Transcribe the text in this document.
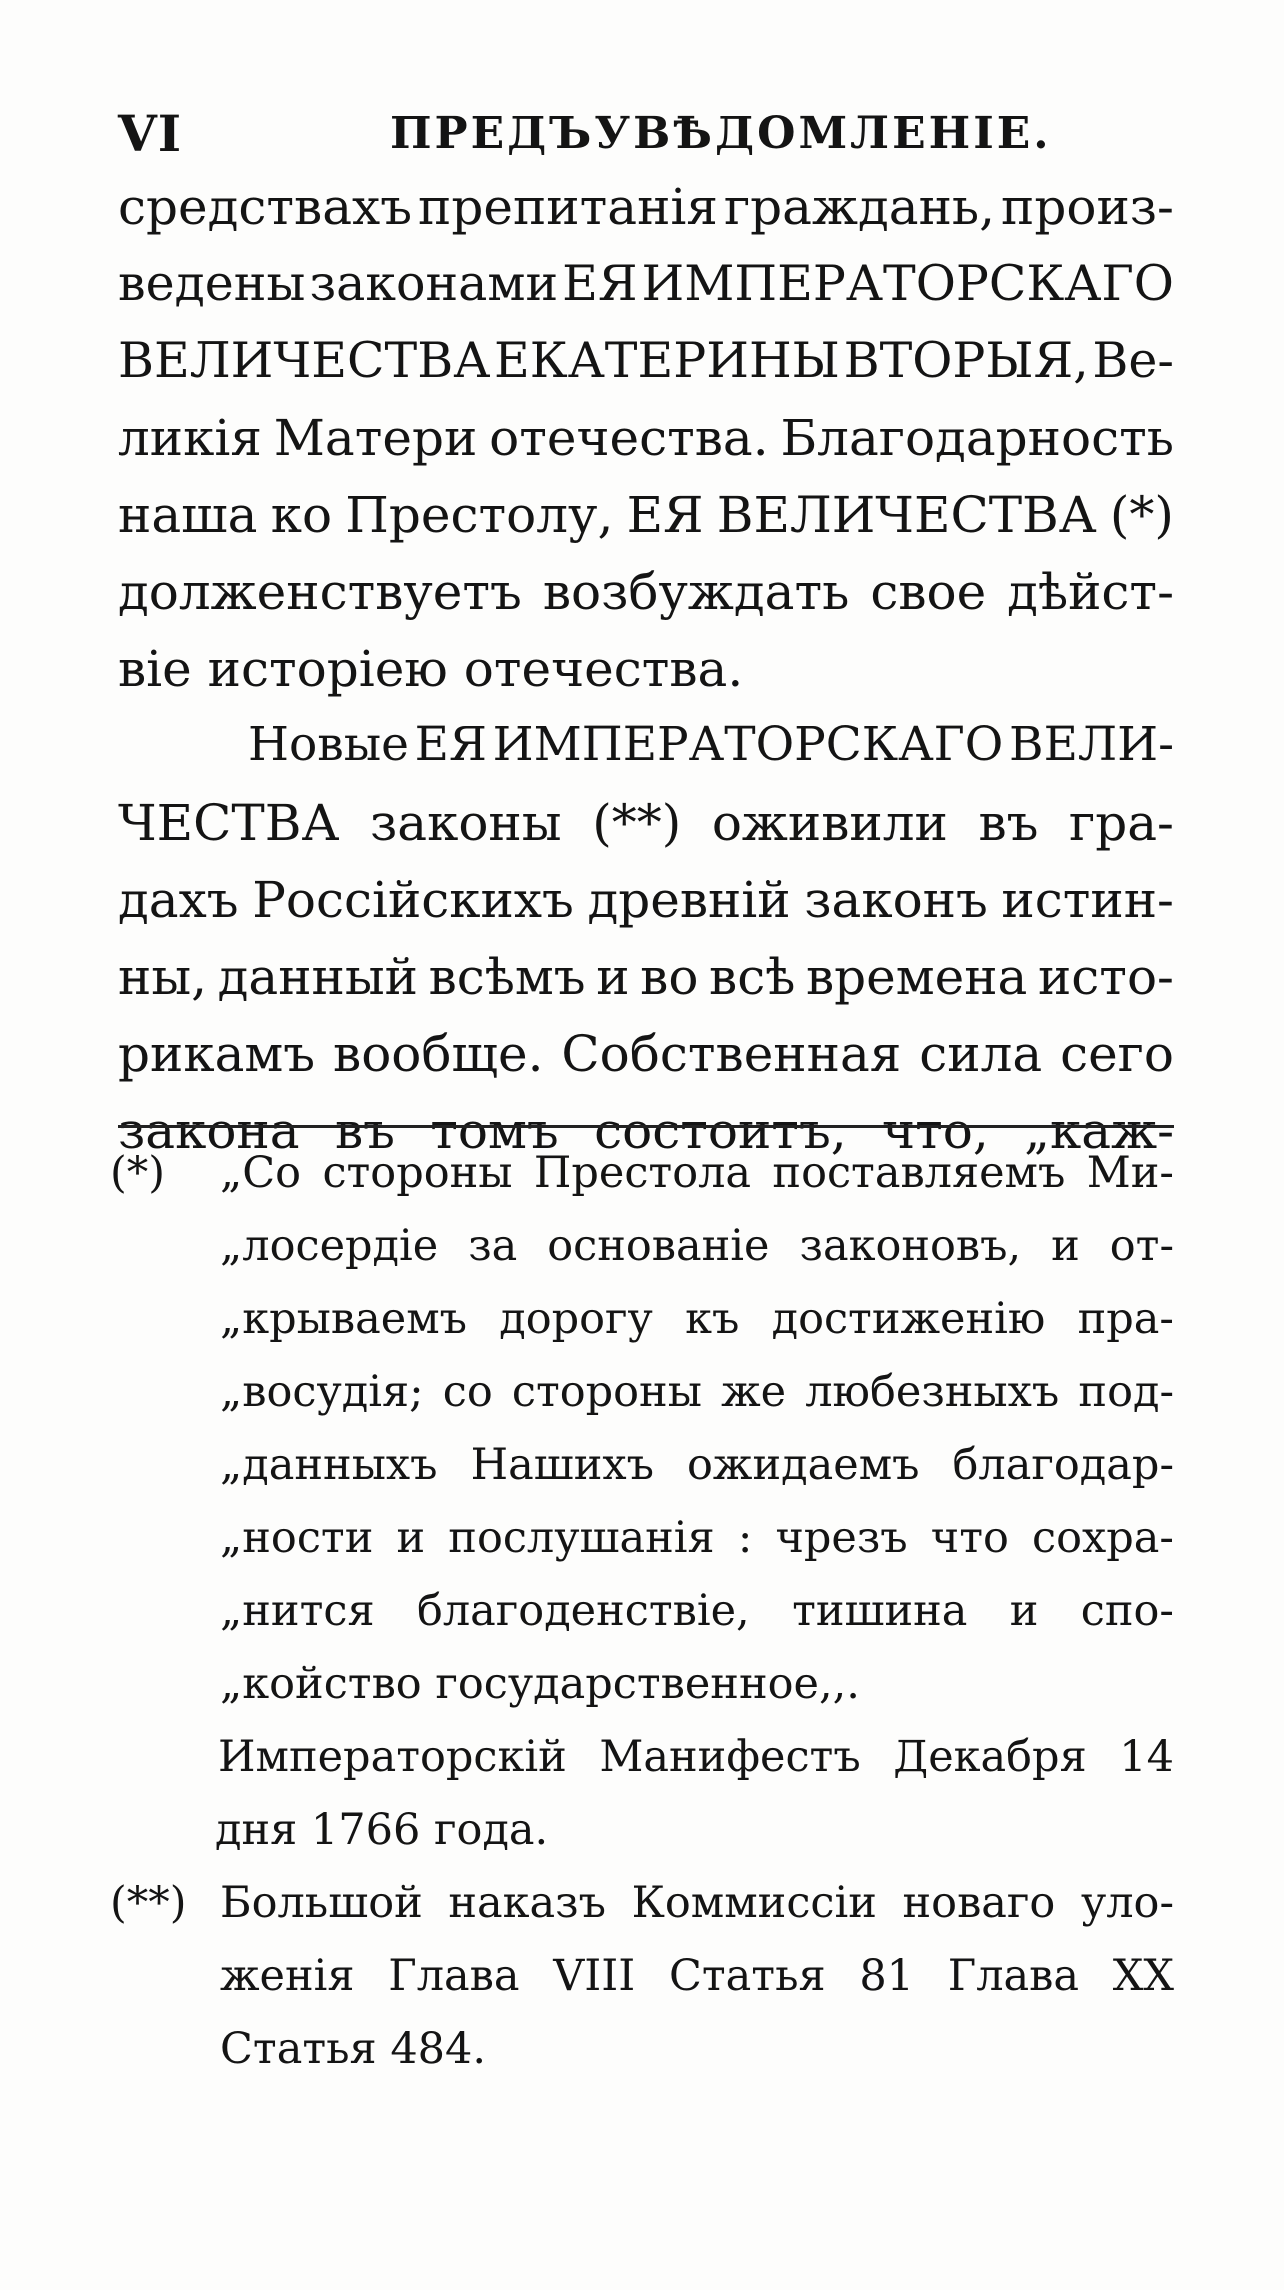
VI	ПРЕДЪУВѢДОМЛЕНІЕ.
средствахъ препитанія граждань, произ-
ведены законами ЕЯ ИМПЕРАТОРСКАГО
ВЕЛИЧЕСТВА ЕКАТЕРИНЫ ВТОРЫЯ, Ве-
ликія Матери отечества. Благодарность
наша ко Престолу, ЕЯ ВЕЛИЧЕСТВА (*)
долженствуетъ возбуждать свое дѣйст-
віе исторіею отечества.
Новые ЕЯ ИМПЕРАТОРСКАГО ВЕЛИ-
ЧЕСТВА законы (**) оживили въ гра-
дахъ Россійскихъ древній законъ истин-
ны, данный всѣмъ и во всѣ времена исто-
рикамъ вообще. Собственная сила сего
закона въ томъ состоитъ, что, „каж-
(*)	„Со стороны Престола поставляемъ Ми-
„лосердіе за основаніе законовъ, и от-
„крываемъ дорогу къ достиженію пра-
„восудія; со стороны же любезныхъ под-
„данныхъ Нашихъ ожидаемъ благодар-
„ности и послушанія : чрезъ что сохра-
„нится благоденствіе, тишина и спо-
„койство государственное,,.
Императорскій Манифестъ Декабря 14
дня 1766 года.
(**) Большой наказъ Коммиссіи новаго уло-
женія Глава VIII Статья 81 Глава XX
Статья 484.
